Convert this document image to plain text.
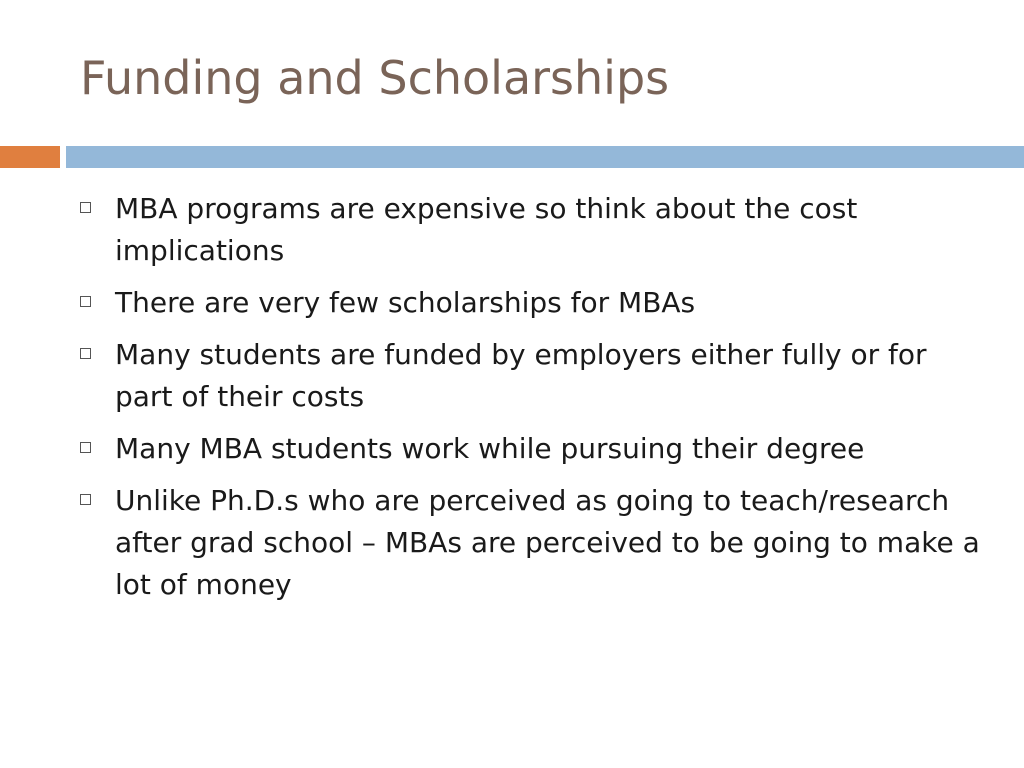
Funding and Scholarships
MBA programs are expensive so think about the cost implications
There are very few scholarships for MBAs
Many students are funded by employers either fully or for part of their costs
Many MBA students work while pursuing their degree
Unlike Ph.D.s who are perceived as going to teach/research after grad school – MBAs are perceived to be going to make a lot of money
